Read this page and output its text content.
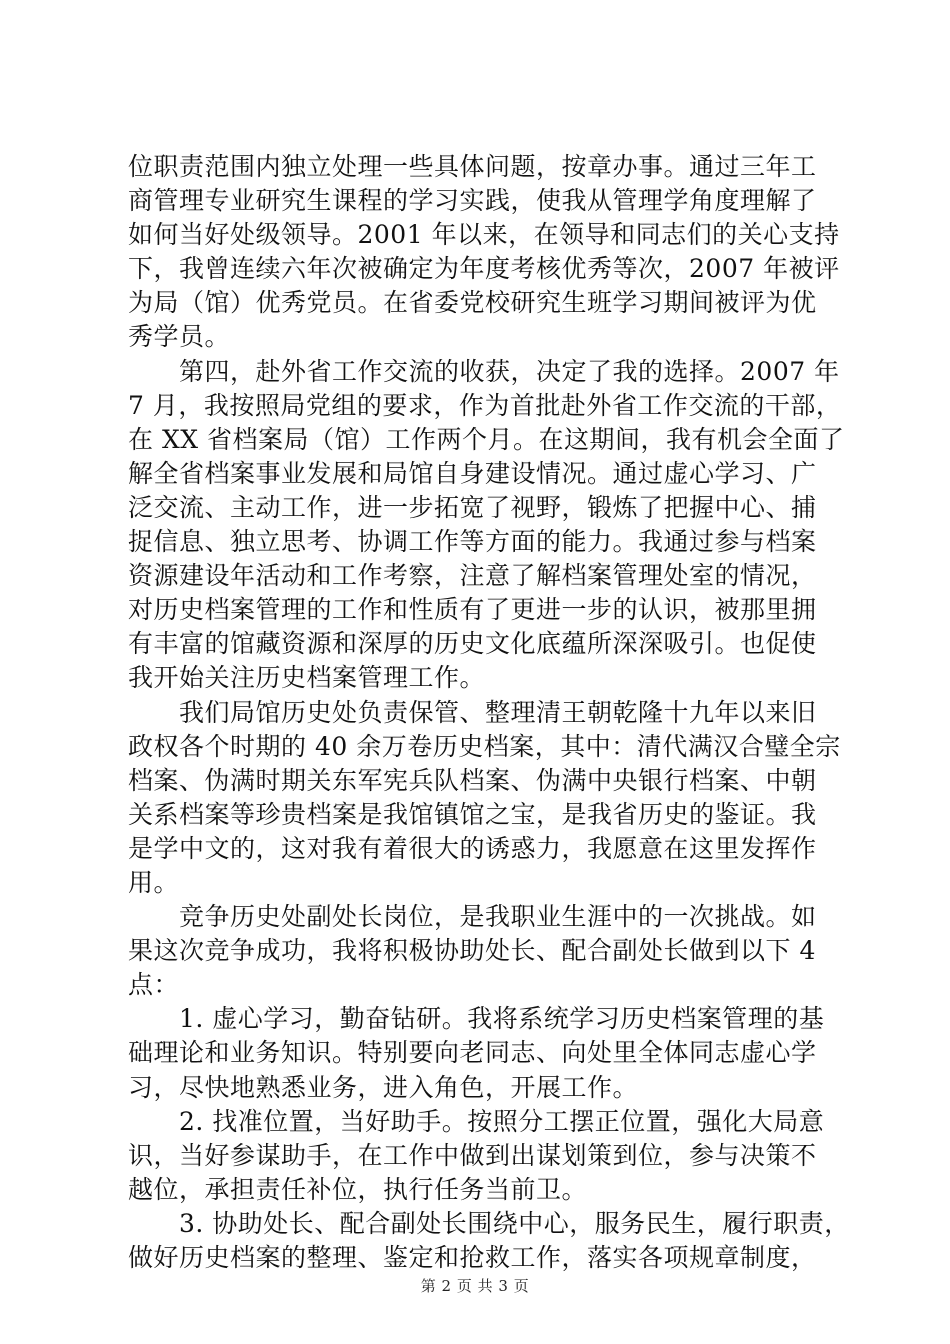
位职责范围内独立处理一些具体问题，按章办事。通过三年工
商管理专业研究生课程的学习实践，使我从管理学角度理解了
如何当好处级领导。2001 年以来，在领导和同志们的关心支持
下，我曾连续六年次被确定为年度考核优秀等次，2007 年被评
为局（馆）优秀党员。在省委党校研究生班学习期间被评为优
秀学员。
　　第四，赴外省工作交流的收获，决定了我的选择。2007 年
7 月，我按照局党组的要求，作为首批赴外省工作交流的干部，
在 XX 省档案局（馆）工作两个月。在这期间，我有机会全面了
解全省档案事业发展和局馆自身建设情况。通过虚心学习、广
泛交流、主动工作，进一步拓宽了视野，锻炼了把握中心、捕
捉信息、独立思考、协调工作等方面的能力。我通过参与档案
资源建设年活动和工作考察，注意了解档案管理处室的情况，
对历史档案管理的工作和性质有了更进一步的认识，被那里拥
有丰富的馆藏资源和深厚的历史文化底蕴所深深吸引。也促使
我开始关注历史档案管理工作。
　　我们局馆历史处负责保管、整理清王朝乾隆十九年以来旧
政权各个时期的 40 余万卷历史档案，其中：清代满汉合璧全宗
档案、伪满时期关东军宪兵队档案、伪满中央银行档案、中朝
关系档案等珍贵档案是我馆镇馆之宝，是我省历史的鉴证。我
是学中文的，这对我有着很大的诱惑力，我愿意在这里发挥作
用。
　　竞争历史处副处长岗位，是我职业生涯中的一次挑战。如
果这次竞争成功，我将积极协助处长、配合副处长做到以下 4
点：
　　1. 虚心学习，勤奋钻研。我将系统学习历史档案管理的基
础理论和业务知识。特别要向老同志、向处里全体同志虚心学
习，尽快地熟悉业务，进入角色，开展工作。
　　2. 找准位置，当好助手。按照分工摆正位置，强化大局意
识，当好参谋助手，在工作中做到出谋划策到位，参与决策不
越位，承担责任补位，执行任务当前卫。
　　3. 协助处长、配合副处长围绕中心，服务民生，履行职责，
做好历史档案的整理、鉴定和抢救工作，落实各项规章制度，
第 2 页 共 3 页
